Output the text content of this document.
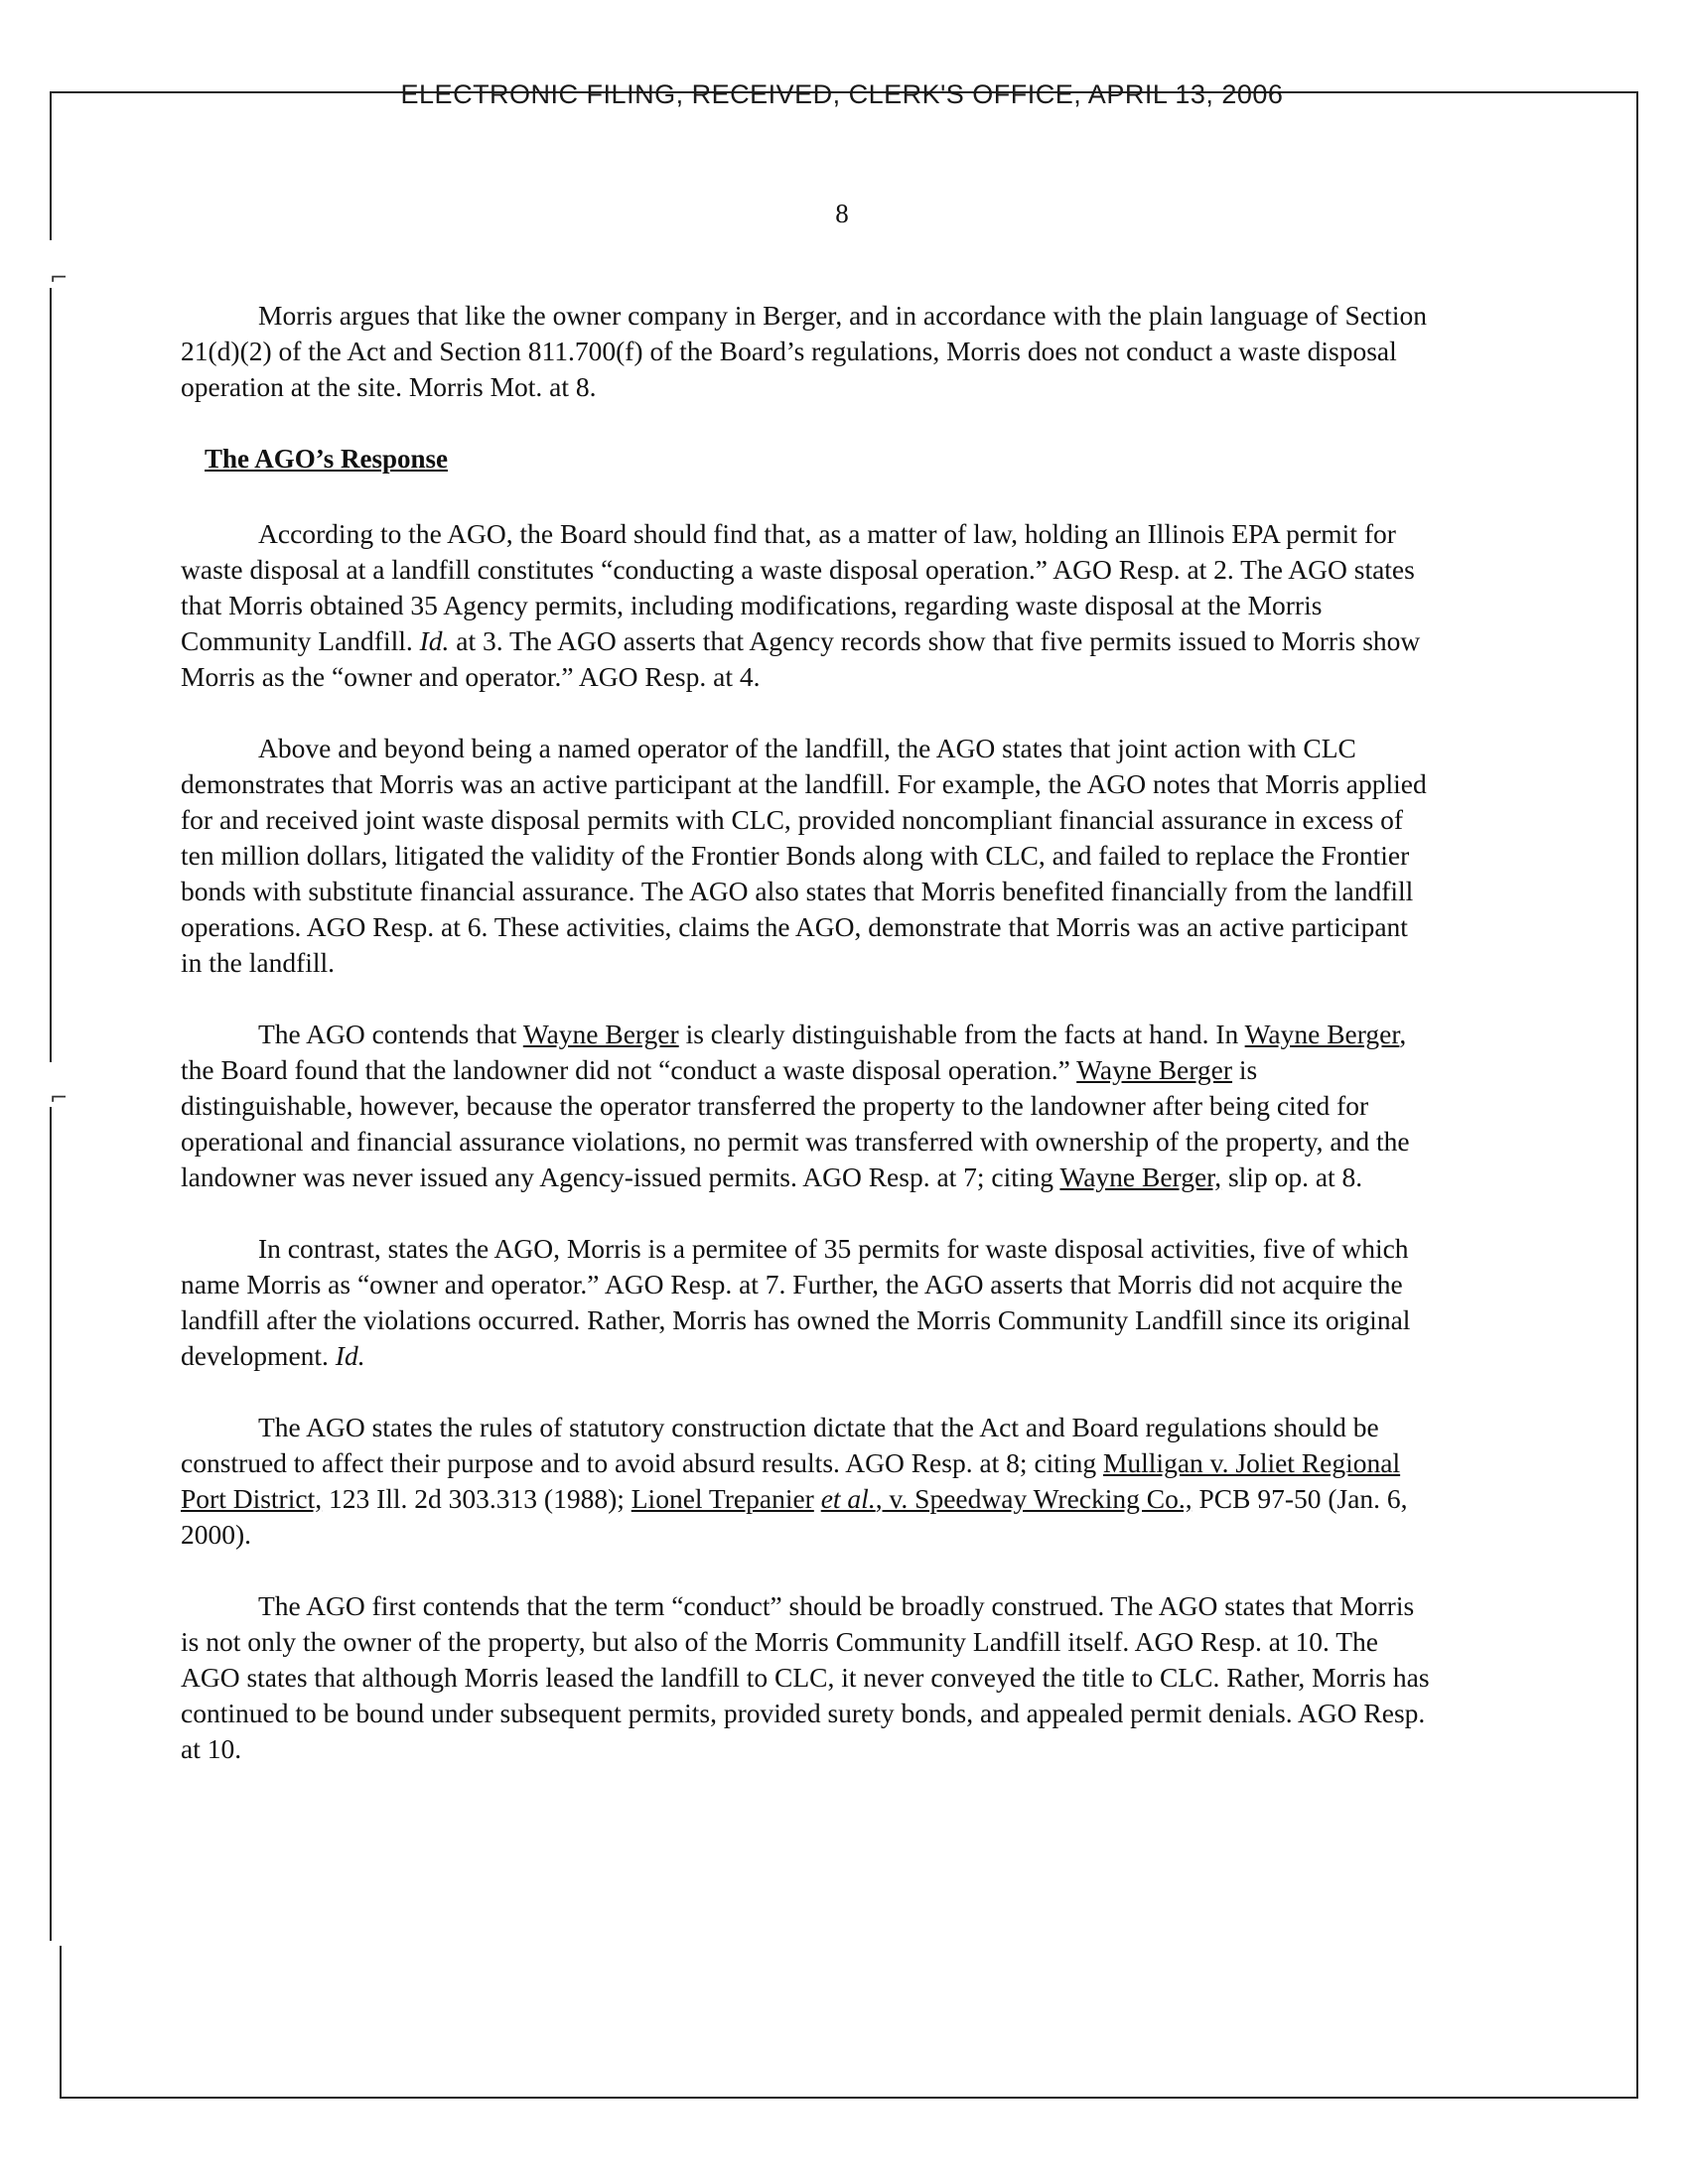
⌐
⌐
ELECTRONIC FILING, RECEIVED, CLERK'S OFFICE, APRIL 13, 2006
8

Morris argues that like the owner company in Berger, and in accordance with the plain language of Section 21(d)(2) of the Act and Section 811.700(f) of the Board’s regulations, Morris does not conduct a waste disposal operation at the site. Morris Mot. at 8.

The AGO’s Response

According to the AGO, the Board should find that, as a matter of law, holding an Illinois EPA permit for waste disposal at a landfill constitutes “conducting a waste disposal operation.” AGO Resp. at 2. The AGO states that Morris obtained 35 Agency permits, including modifications, regarding waste disposal at the Morris Community Landfill. Id. at 3. The AGO asserts that Agency records show that five permits issued to Morris show Morris as the “owner and operator.” AGO Resp. at 4.

Above and beyond being a named operator of the landfill, the AGO states that joint action with CLC demonstrates that Morris was an active participant at the landfill. For example, the AGO notes that Morris applied for and received joint waste disposal permits with CLC, provided noncompliant financial assurance in excess of ten million dollars, litigated the validity of the Frontier Bonds along with CLC, and failed to replace the Frontier bonds with substitute financial assurance. The AGO also states that Morris benefited financially from the landfill operations. AGO Resp. at 6. These activities, claims the AGO, demonstrate that Morris was an active participant in the landfill.

The AGO contends that Wayne Berger is clearly distinguishable from the facts at hand. In Wayne Berger, the Board found that the landowner did not “conduct a waste disposal operation.” Wayne Berger is distinguishable, however, because the operator transferred the property to the landowner after being cited for operational and financial assurance violations, no permit was transferred with ownership of the property, and the landowner was never issued any Agency-issued permits. AGO Resp. at 7; citing Wayne Berger, slip op. at 8.

In contrast, states the AGO, Morris is a permitee of 35 permits for waste disposal activities, five of which name Morris as “owner and operator.” AGO Resp. at 7. Further, the AGO asserts that Morris did not acquire the landfill after the violations occurred. Rather, Morris has owned the Morris Community Landfill since its original development. Id.

The AGO states the rules of statutory construction dictate that the Act and Board regulations should be construed to affect their purpose and to avoid absurd results. AGO Resp. at 8; citing Mulligan v. Joliet Regional Port District, 123 Ill. 2d 303.313 (1988); Lionel Trepanier et al., v. Speedway Wrecking Co., PCB 97-50 (Jan. 6, 2000).

The AGO first contends that the term “conduct” should be broadly construed. The AGO states that Morris is not only the owner of the property, but also of the Morris Community Landfill itself. AGO Resp. at 10. The AGO states that although Morris leased the landfill to CLC, it never conveyed the title to CLC. Rather, Morris has continued to be bound under subsequent permits, provided surety bonds, and appealed permit denials. AGO Resp. at 10.
